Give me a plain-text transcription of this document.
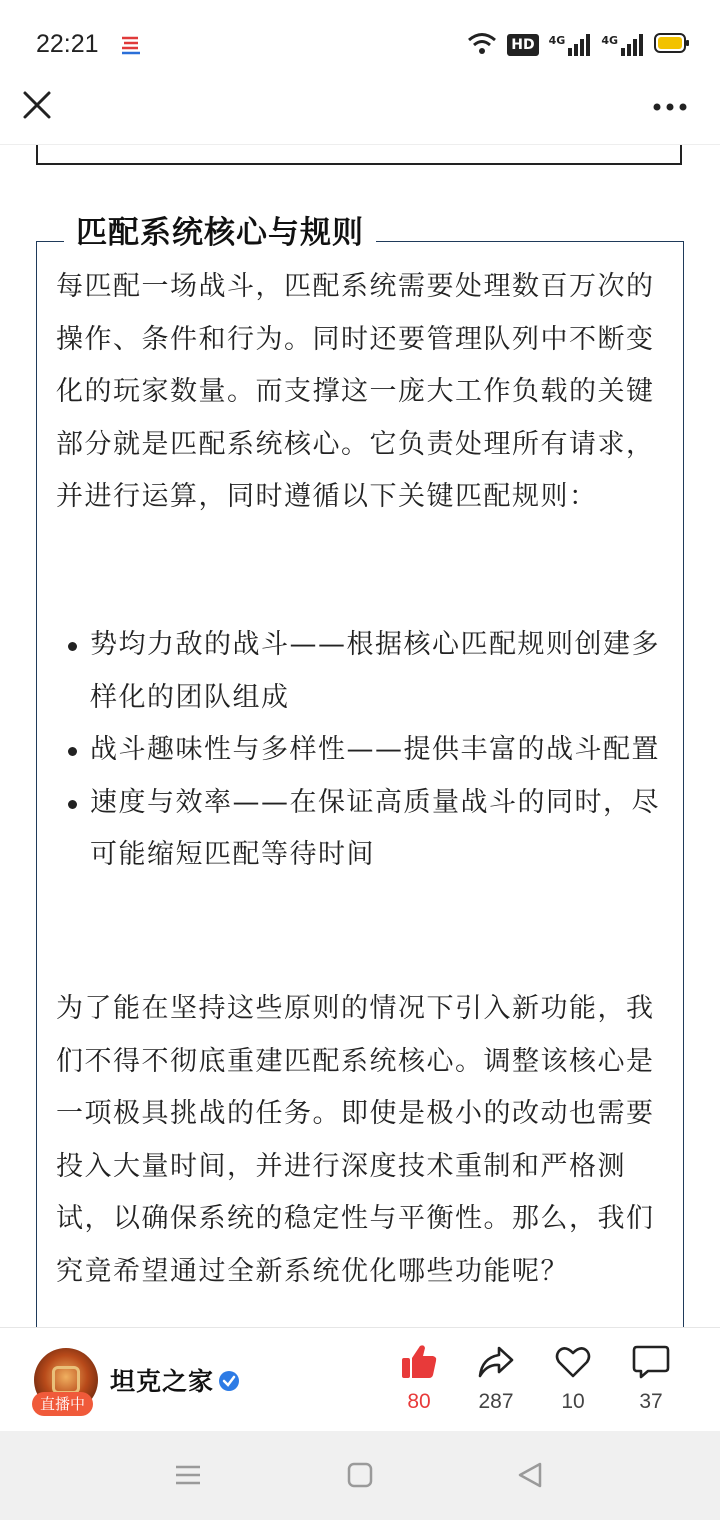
22:21	HD	4G	4G
匹配系统核心与规则

每匹配一场战斗，匹配系统需要处理数百万次的操作、条件和行为。同时还要管理队列中不断变化的玩家数量。而支撑这一庞大工作负载的关键部分就是匹配系统核心。它负责处理所有请求，并进行运算，同时遵循以下关键匹配规则：

势均力敌的战斗——根据核心匹配规则创建多样化的团队组成
战斗趣味性与多样性——提供丰富的战斗配置
速度与效率——在保证高质量战斗的同时，尽可能缩短匹配等待时间

为了能在坚持这些原则的情况下引入新功能，我们不得不彻底重建匹配系统核心。调整该核心是一项极具挑战的任务。即使是极小的改动也需要投入大量时间，并进行深度技术重制和严格测试，以确保系统的稳定性与平衡性。那么，我们究竟希望通过全新系统优化哪些功能呢？

直播中
坦克之家
80	287	10	37
